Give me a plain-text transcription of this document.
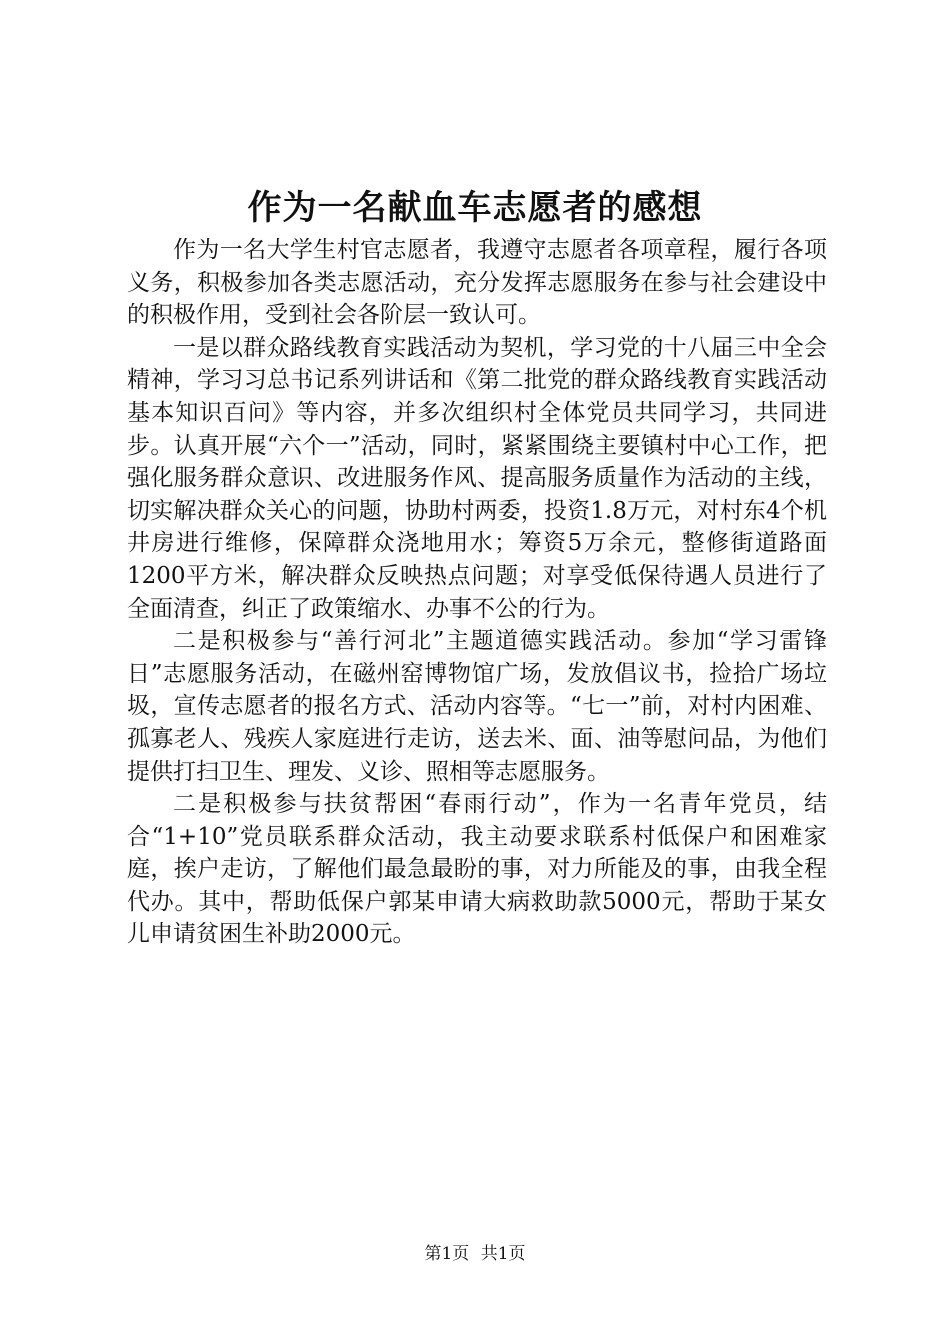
作为一名献血车志愿者的感想

作为一名大学生村官志愿者，我遵守志愿者各项章程，履行各项义务，积极参加各类志愿活动，充分发挥志愿服务在参与社会建设中的积极作用，受到社会各阶层一致认可。

一是以群众路线教育实践活动为契机，学习党的十八届三中全会精神，学习习总书记系列讲话和《第二批党的群众路线教育实践活动基本知识百问》等内容，并多次组织村全体党员共同学习，共同进步。认真开展“六个一”活动，同时，紧紧围绕主要镇村中心工作，把强化服务群众意识、改进服务作风、提高服务质量作为活动的主线，切实解决群众关心的问题，协助村两委，投资1.8万元，对村东4个机井房进行维修，保障群众浇地用水；筹资5万余元，整修街道路面1200平方米，解决群众反映热点问题；对享受低保待遇人员进行了全面清查，纠正了政策缩水、办事不公的行为。

二是积极参与“善行河北”主题道德实践活动。参加“学习雷锋日”志愿服务活动，在磁州窑博物馆广场，发放倡议书，捡拾广场垃圾，宣传志愿者的报名方式、活动内容等。“七一”前，对村内困难、孤寡老人、残疾人家庭进行走访，送去米、面、油等慰问品，为他们提供打扫卫生、理发、义诊、照相等志愿服务。

二是积极参与扶贫帮困“春雨行动”，作为一名青年党员，结合“1+10”党员联系群众活动，我主动要求联系村低保户和困难家庭，挨户走访，了解他们最急最盼的事，对力所能及的事，由我全程代办。其中，帮助低保户郭某申请大病救助款5000元，帮助于某女儿申请贫困生补助2000元。

第1页 共1页
